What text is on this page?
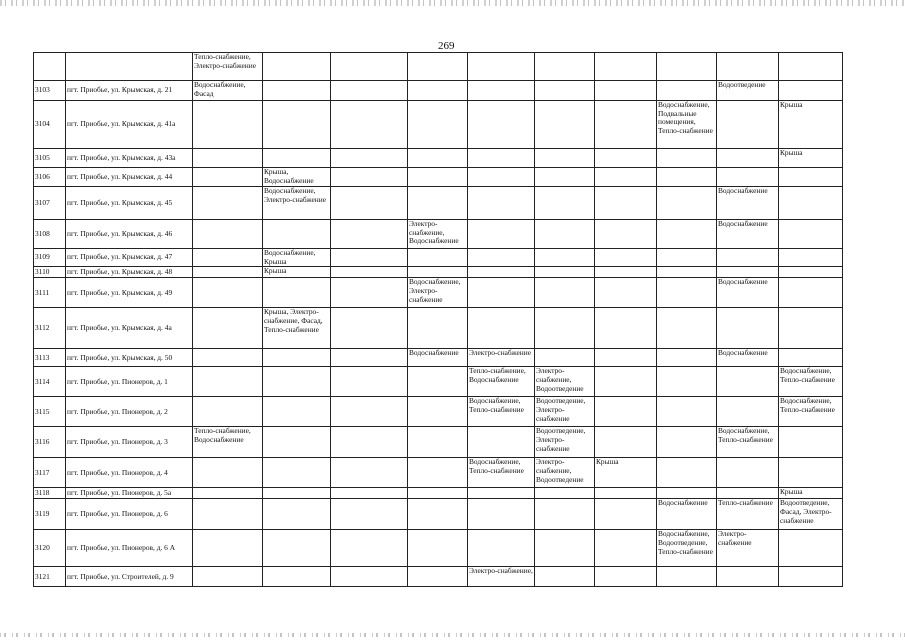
269
		Тепло-снабжение, Электро-снабжение									
3103	пгт. Приобье, ул. Крымская, д. 21	Водоснабжение, Фасад								Водоотведение	
3104	пгт. Приобье, ул. Крымская, д. 41а								Водоснабжение, Подвальные помещения, Тепло-снабжение		Крыша
3105	пгт. Приобье, ул. Крымская, д. 43а										Крыша
3106	пгт. Приобье, ул. Крымская, д. 44		Крыша, Водоснабжение								
3107	пгт. Приобье, ул. Крымская, д. 45		Водоснабжение, Электро-снабжение							Водоснабжение	
3108	пгт. Приобье, ул. Крымская, д. 46				Электро-снабжение, Водоснабжение					Водоснабжение	
3109	пгт. Приобье, ул. Крымская, д. 47		Водоснабжение, Крыша								
3110	пгт. Приобье, ул. Крымская, д. 48		Крыша								
3111	пгт. Приобье, ул. Крымская, д. 49				Водоснабжение, Электро-снабжение					Водоснабжение	
3112	пгт. Приобье, ул. Крымская, д. 4а		Крыша, Электро-снабжение, Фасад, Тепло-снабжение								
3113	пгт. Приобье, ул. Крымская, д. 50				Водоснабжение	Электро-снабжение				Водоснабжение	
3114	пгт. Приобье, ул. Пионеров, д. 1					Тепло-снабжение, Водоснабжение	Электро-снабжение, Водоотведение				Водоснабжение, Тепло-снабжение
3115	пгт. Приобье, ул. Пионеров, д. 2					Водоснабжение, Тепло-снабжение	Водоотведение, Электро-снабжение				Водоснабжение, Тепло-снабжение
3116	пгт. Приобье, ул. Пионеров, д. 3	Тепло-снабжение, Водоснабжение					Водоотведение, Электро-снабжение			Водоснабжение, Тепло-снабжение	
3117	пгт. Приобье, ул. Пионеров, д. 4					Водоснабжение, Тепло-снабжение	Электро-снабжение, Водоотведение	Крыша			
3118	пгт. Приобье, ул. Пионеров, д. 5а										Крыша
3119	пгт. Приобье, ул. Пионеров, д. 6								Водоснабжение	Тепло-снабжение	Водоотведение, Фасад, Электро-снабжение
3120	пгт. Приобье, ул. Пионеров, д. 6 А								Водоснабжение, Водоотведение, Тепло-снабжение	Электро-снабжение	
3121	пгт. Приобье, ул. Строителей, д. 9					Электро-снабжение,					
